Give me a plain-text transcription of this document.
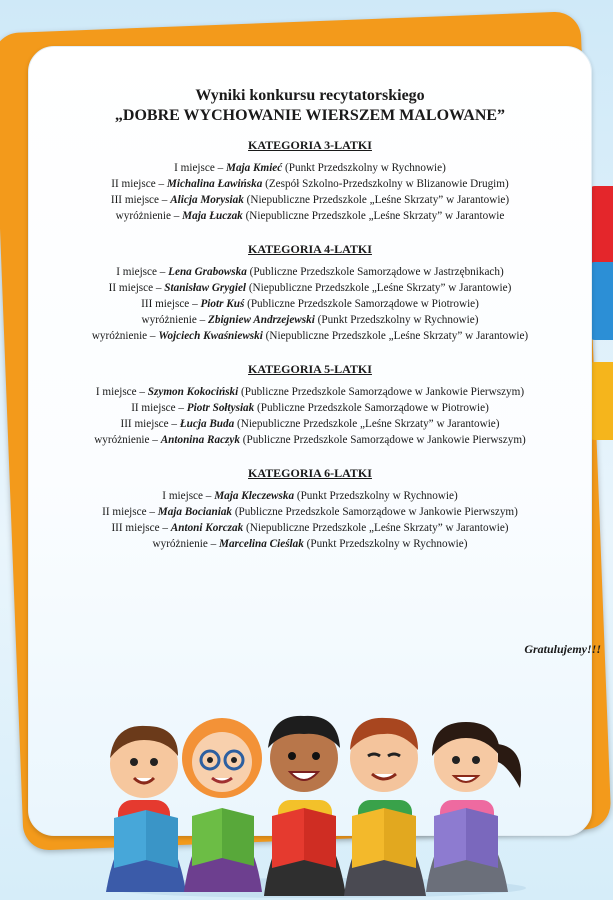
Wyniki konkursu recytatorskiego
„DOBRE WYCHOWANIE WIERSZEM MALOWANE”
KATEGORIA 3-LATKI
I miejsce – Maja Kmieć (Punkt Przedszkolny w Rychnowie)
II miejsce – Michalina Ławińska (Zespół Szkolno-Przedszkolny w Blizanowie Drugim)
III miejsce – Alicja Morysiak (Niepubliczne Przedszkole „Leśne Skrzaty” w Jarantowie)
wyróżnienie – Maja Łuczak (Niepubliczne Przedszkole „Leśne Skrzaty” w Jarantowie
KATEGORIA 4-LATKI
I miejsce – Lena Grabowska (Publiczne Przedszkole Samorządowe w Jastrzębnikach)
II miejsce – Stanisław Grygiel (Niepubliczne Przedszkole „Leśne Skrzaty” w Jarantowie)
III miejsce – Piotr Kuś (Publiczne Przedszkole Samorządowe w Piotrowie)
wyróżnienie – Zbigniew Andrzejewski (Punkt Przedszkolny w Rychnowie)
wyróżnienie – Wojciech Kwaśniewski (Niepubliczne Przedszkole „Leśne Skrzaty” w Jarantowie)
KATEGORIA 5-LATKI
I miejsce – Szymon Kokociński (Publiczne Przedszkole Samorządowe w Jankowie Pierwszym)
II miejsce – Piotr Sołtysiak (Publiczne Przedszkole Samorządowe w Piotrowie)
III miejsce – Łucja Buda (Niepubliczne Przedszkole „Leśne Skrzaty” w Jarantowie)
wyróżnienie – Antonina Raczyk (Publiczne Przedszkole Samorządowe w Jankowie Pierwszym)
KATEGORIA 6-LATKI
I miejsce – Maja Kleczewska (Punkt Przedszkolny w Rychnowie)
II miejsce – Maja Bocianiak (Publiczne Przedszkole Samorządowe w Jankowie Pierwszym)
III miejsce – Antoni Korczak (Niepubliczne Przedszkole „Leśne Skrzaty” w Jarantowie)
wyróżnienie – Marcelina Cieślak (Punkt Przedszkolny w Rychnowie)
Gratulujemy!!!
